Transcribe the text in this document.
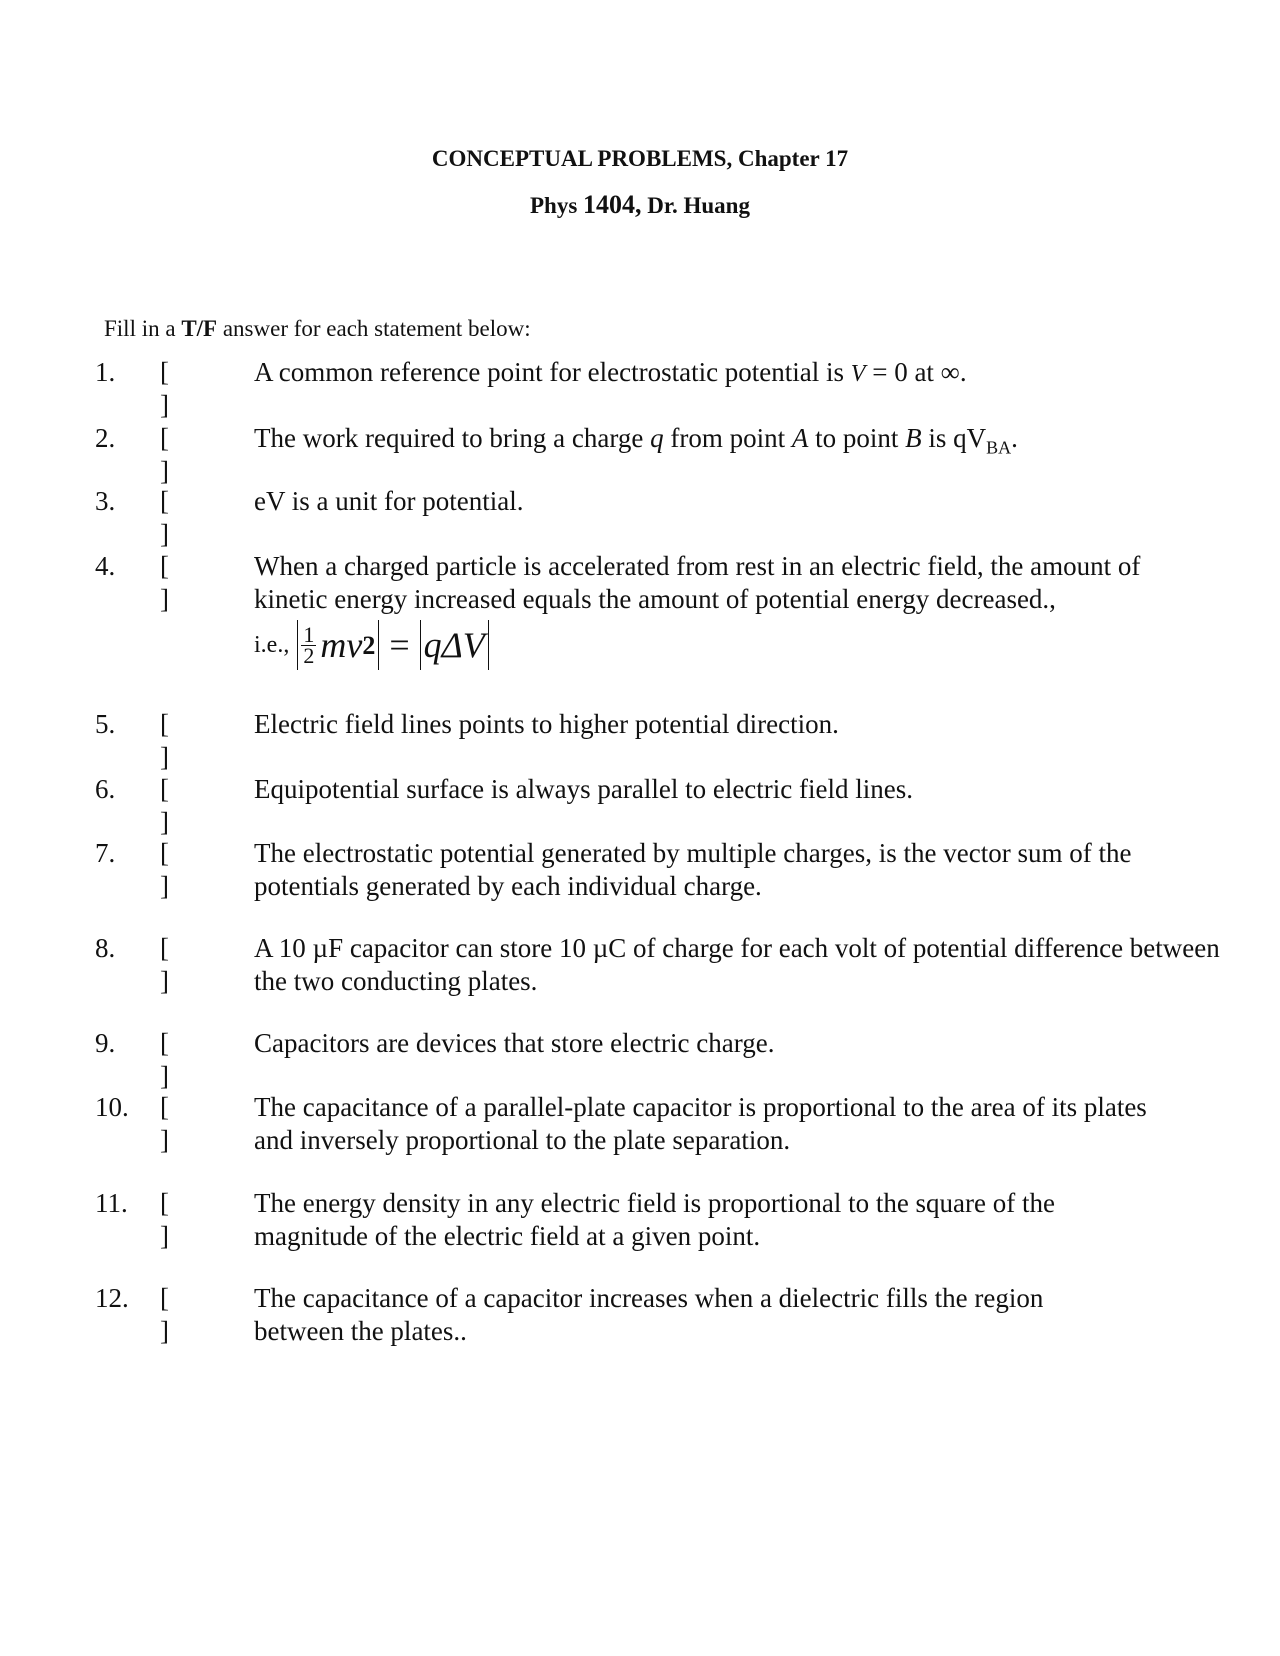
CONCEPTUAL PROBLEMS, Chapter 17
Phys 1404, Dr. Huang
Fill in a T/F answer for each statement below:
1. [ ]
A common reference point for electrostatic potential is V = 0 at ∞.
2. [ ]
The work required to bring a charge q from point A to point B is $qV_{BA}$.
3. [ ]
eV is a unit for potential.
4. [ ]
When a charged particle is accelerated from rest in an electric field, the amount of kinetic energy increased equals the amount of potential energy decreased.,
i.e., $\frac{1}{2}$ mv 2 = qΔV
5. [ ]
Electric field lines points to higher potential direction.
6. [ ]
Equipotential surface is always parallel to electric field lines.
7. [ ]
The electrostatic potential generated by multiple charges, is the vector sum of the potentials generated by each individual charge.
8. [ ]
A 10 µF capacitor can store 10 µC of charge for each volt of potential difference between the two conducting plates.
9. [ ]
Capacitors are devices that store electric charge.
10. [ ]
The capacitance of a parallel-plate capacitor is proportional to the area of its plates and inversely proportional to the plate separation.
11. [ ]
The energy density in any electric field is proportional to the square of the magnitude of the electric field at a given point.
12. [ ]
The capacitance of a capacitor increases when a dielectric fills the region between the plates..
